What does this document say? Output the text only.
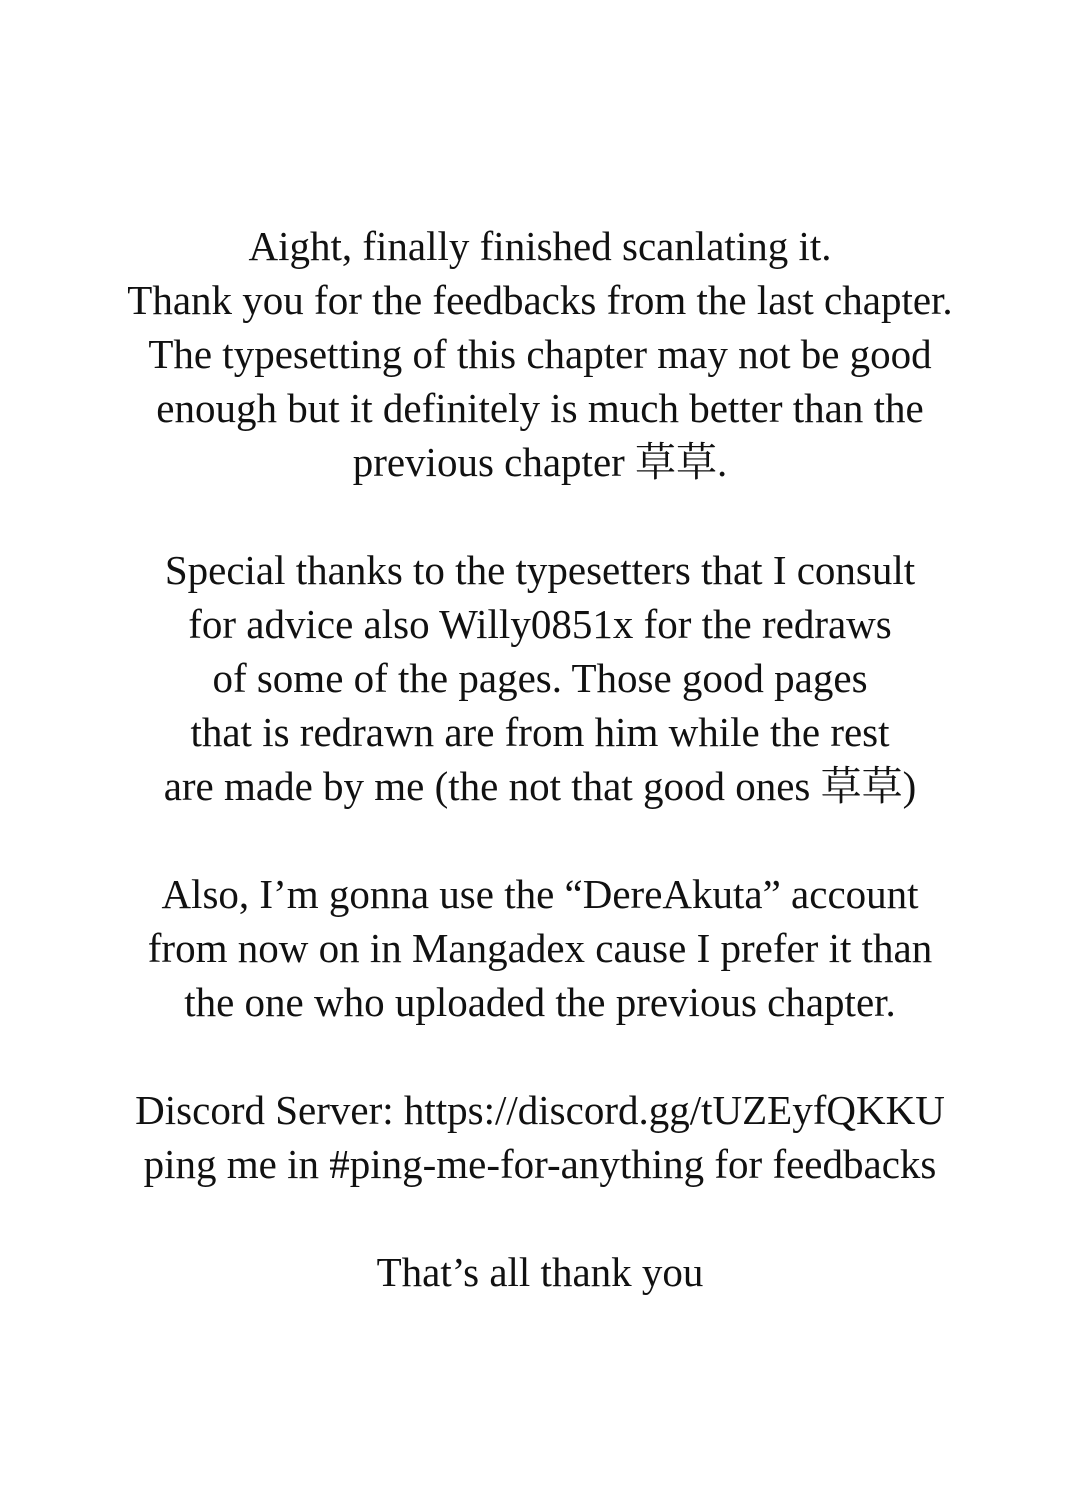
Aight, finally finished scanlating it.
Thank you for the feedbacks from the last chapter.
The typesetting of this chapter may not be good
enough but it definitely is much better than the
previous chapter 草草.
Special thanks to the typesetters that I consult
for advice also Willy0851x for the redraws
of some of the pages. Those good pages
that is redrawn are from him while the rest
are made by me (the not that good ones 草草)
Also, I’m gonna use the “DereAkuta” account
from now on in Mangadex cause I prefer it than
the one who uploaded the previous chapter.
Discord Server: https://discord.gg/tUZEyfQKKU
ping me in #ping-me-for-anything for feedbacks
That’s all thank you
